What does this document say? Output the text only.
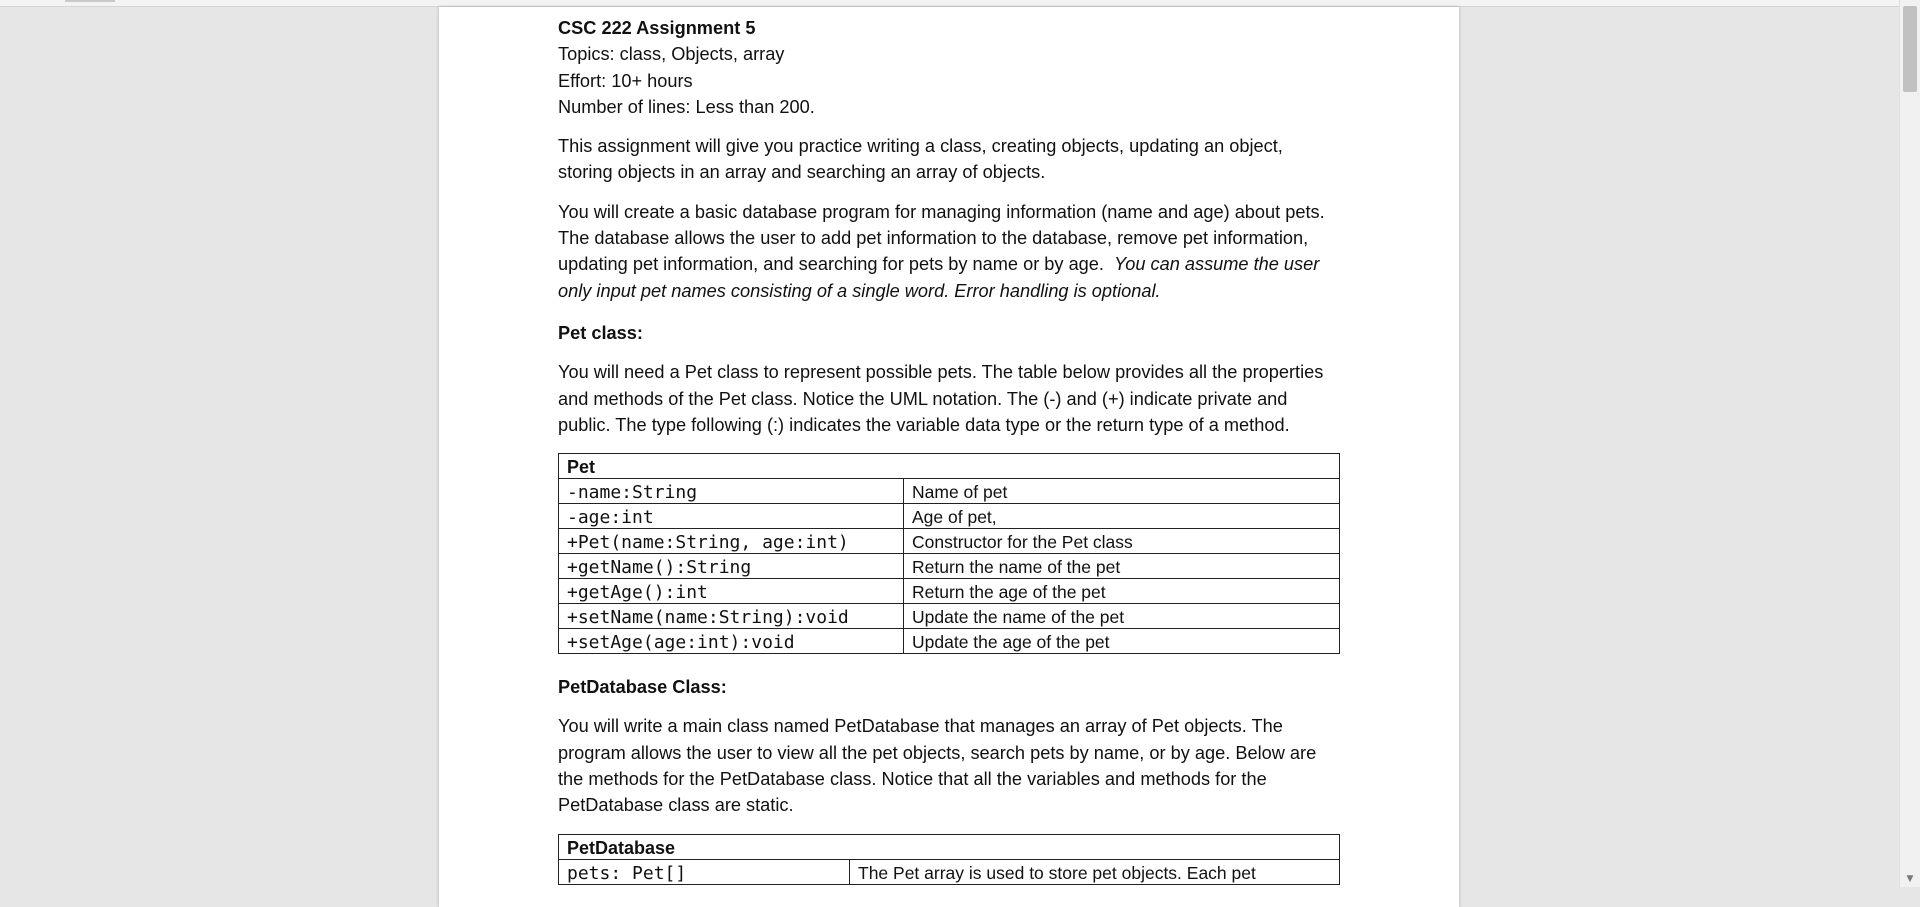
▼
CSC 222 Assignment 5
Topics: class, Objects, array
Effort: 10+ hours
Number of lines: Less than 200.
This assignment will give you practice writing a class, creating objects, updating an object,
storing objects in an array and searching an array of objects.
You will create a basic database program for managing information (name and age) about pets.
The database allows the user to add pet information to the database, remove pet information,
updating pet information, and searching for pets by name or by age.  You can assume the user
only input pet names consisting of a single word. Error handling is optional.
Pet class:
You will need a Pet class to represent possible pets. The table below provides all the properties
and methods of the Pet class. Notice the UML notation. The (-) and (+) indicate private and
public. The type following (:) indicates the variable data type or the return type of a method.
Pet	
-name:String	Name of pet
-age:int	Age of pet,
+Pet(name:String, age:int)	Constructor for the Pet class
+getName():String	Return the name of the pet
+getAge():int	Return the age of the pet
+setName(name:String):void	Update the name of the pet
+setAge(age:int):void	Update the age of the pet
PetDatabase Class:
You will write a main class named PetDatabase that manages an array of Pet objects. The
program allows the user to view all the pet objects, search pets by name, or by age. Below are
the methods for the PetDatabase class. Notice that all the variables and methods for the
PetDatabase class are static.
PetDatabase
pets: Pet[]	The Pet array is used to store pet objects. Each pet
